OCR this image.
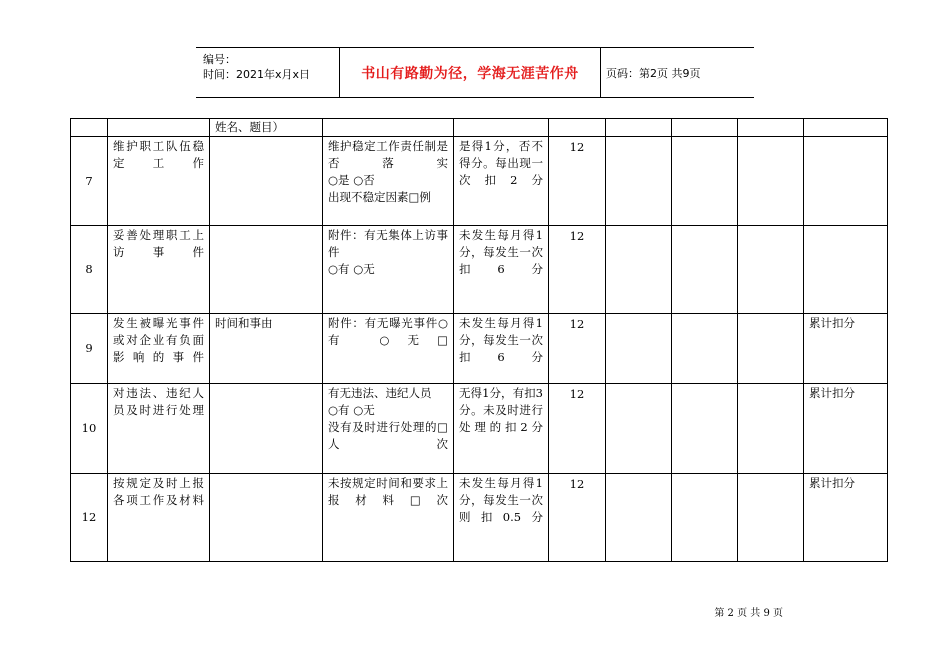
编号：
时间：2021年x月x日	书山有路勤为径，学海无涯苦作舟	页码：第2页 共9页
		姓名、题目）							
7	维护职工队伍稳定工作		维护稳定工作责任制是否落实
○是 ○否
出现不稳定因素□例	是得1分，否不得分。每出现一次扣2分	12				
8	妥善处理职工上访事件		附件：有无集体上访事件
○有 ○无	未发生每月得1分，每发生一次扣6分	12				
9	发生被曝光事件或对企业有负面影响的事件	时间和事由	附件：有无曝光事件○有 ○无□	未发生每月得1分，每发生一次扣6分	12				累计扣分
10	对违法、违纪人员及时进行处理		有无违法、违纪人员
○有 ○无
没有及时进行处理的□人次	无得1分，有扣3分。未及时进行处理的扣2分	12				累计扣分
12	按规定及时上报各项工作及材料		未按规定时间和要求上报材料□次	未发生每月得1分，每发生一次则扣0.5分	12				累计扣分
第 2 页 共 9 页
